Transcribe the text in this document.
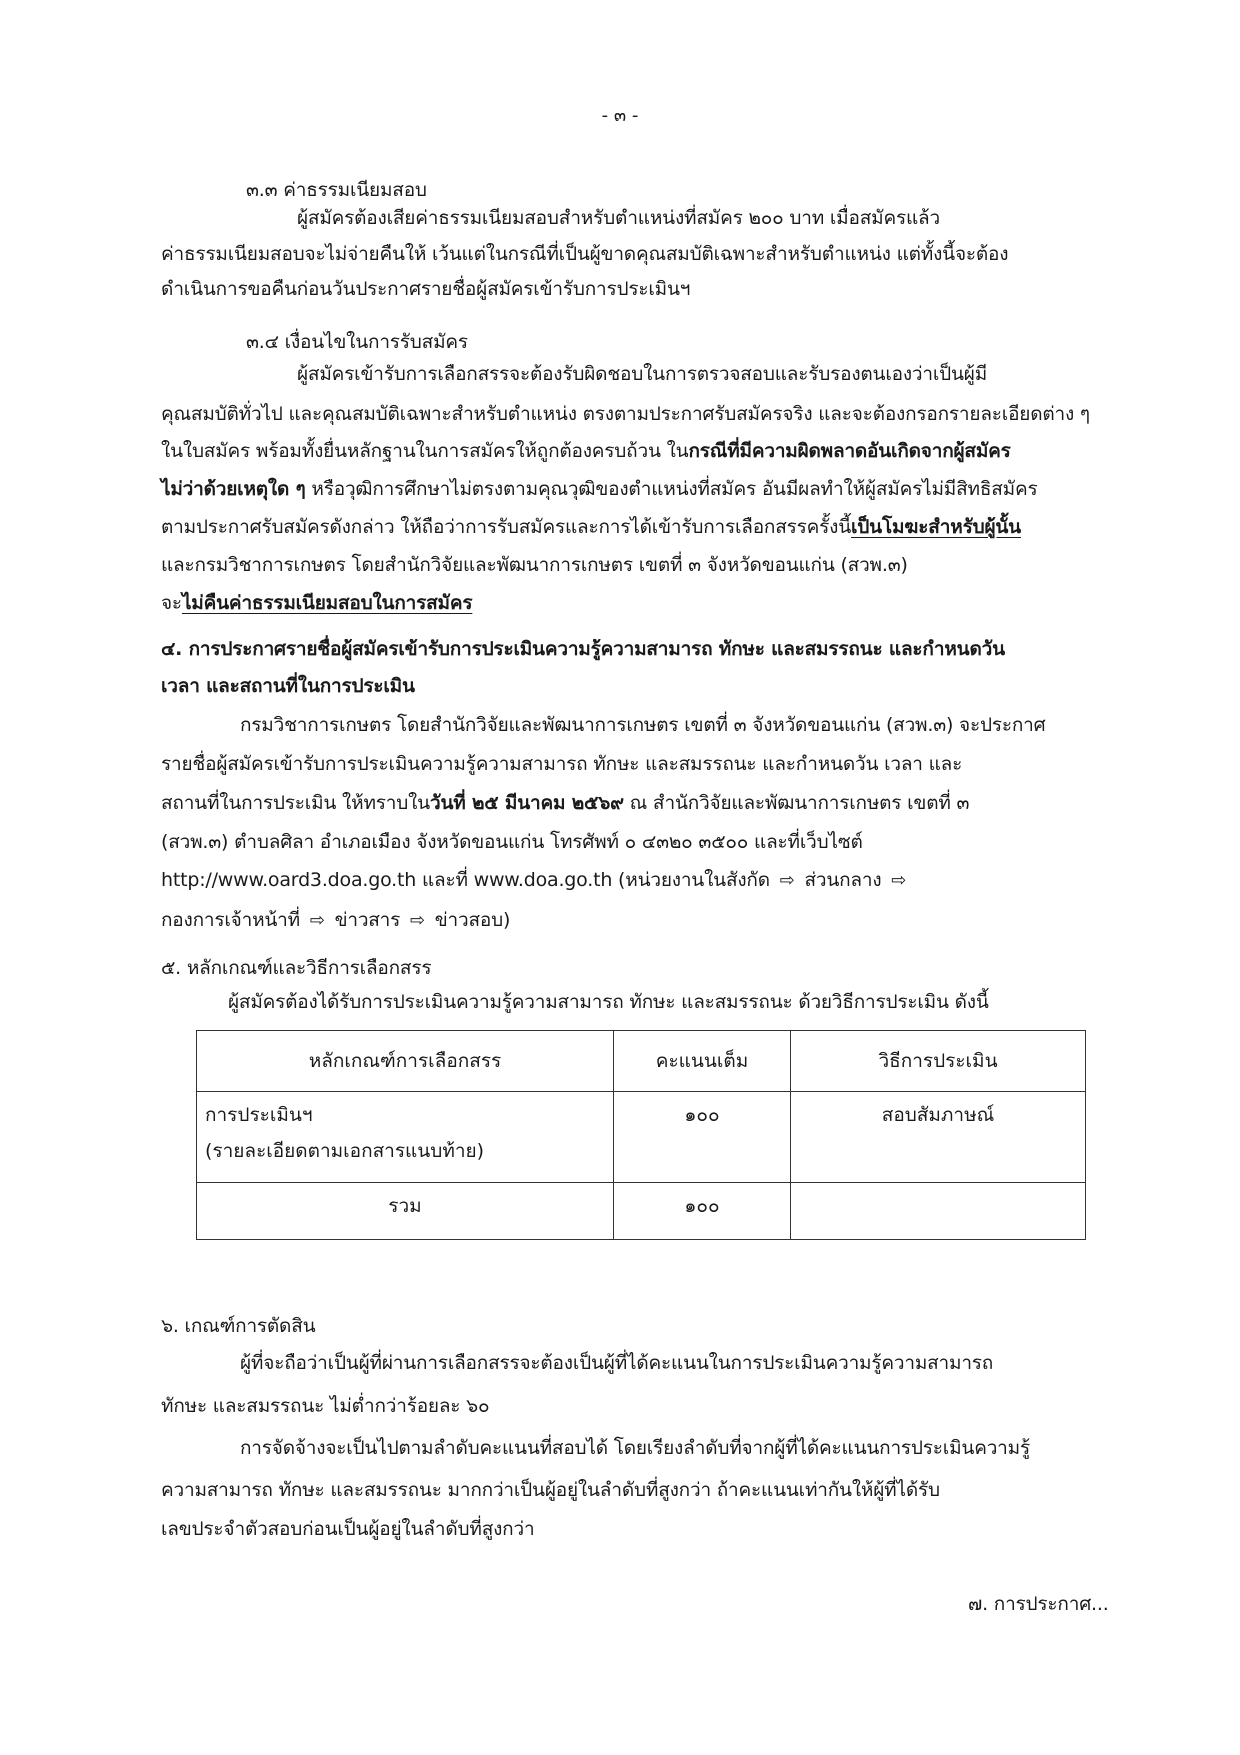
- ๓ -
๓.๓ ค่าธรรมเนียมสอบ
ผู้สมัครต้องเสียค่าธรรมเนียมสอบสำหรับตำแหน่งที่สมัคร ๒๐๐ บาท เมื่อสมัครแล้ว
ค่าธรรมเนียมสอบจะไม่จ่ายคืนให้ เว้นแต่ในกรณีที่เป็นผู้ขาดคุณสมบัติเฉพาะสำหรับตำแหน่ง แต่ทั้งนี้จะต้อง
ดำเนินการขอคืนก่อนวันประกาศรายชื่อผู้สมัครเข้ารับการประเมินฯ
๓.๔ เงื่อนไขในการรับสมัคร
ผู้สมัครเข้ารับการเลือกสรรจะต้องรับผิดชอบในการตรวจสอบและรับรองตนเองว่าเป็นผู้มี
คุณสมบัติทั่วไป และคุณสมบัติเฉพาะสำหรับตำแหน่ง ตรงตามประกาศรับสมัครจริง และจะต้องกรอกรายละเอียดต่าง ๆ
ในใบสมัคร พร้อมทั้งยื่นหลักฐานในการสมัครให้ถูกต้องครบถ้วน ในกรณีที่มีความผิดพลาดอันเกิดจากผู้สมัคร
ไม่ว่าด้วยเหตุใด ๆ หรือวุฒิการศึกษาไม่ตรงตามคุณวุฒิของตำแหน่งที่สมัคร อันมีผลทำให้ผู้สมัครไม่มีสิทธิสมัคร
ตามประกาศรับสมัครดังกล่าว ให้ถือว่าการรับสมัครและการได้เข้ารับการเลือกสรรครั้งนี้เป็นโมฆะสำหรับผู้นั้น
และกรมวิชาการเกษตร โดยสำนักวิจัยและพัฒนาการเกษตร เขตที่ ๓ จังหวัดขอนแก่น (สวพ.๓)
จะไม่คืนค่าธรรมเนียมสอบในการสมัคร
๔. การประกาศรายชื่อผู้สมัครเข้ารับการประเมินความรู้ความสามารถ ทักษะ และสมรรถนะ และกำหนดวัน
เวลา และสถานที่ในการประเมิน
กรมวิชาการเกษตร โดยสำนักวิจัยและพัฒนาการเกษตร เขตที่ ๓ จังหวัดขอนแก่น (สวพ.๓) จะประกาศ
รายชื่อผู้สมัครเข้ารับการประเมินความรู้ความสามารถ ทักษะ และสมรรถนะ และกำหนดวัน เวลา และ
สถานที่ในการประเมิน ให้ทราบในวันที่ ๒๕ มีนาคม ๒๕๖๙ ณ สำนักวิจัยและพัฒนาการเกษตร เขตที่ ๓
(สวพ.๓) ตำบลศิลา อำเภอเมือง จังหวัดขอนแก่น โทรศัพท์ ๐ ๔๓๒๐ ๓๕๐๐ และที่เว็บไซต์
http://www.oard3.doa.go.th และที่ www.doa.go.th (หน่วยงานในสังกัด ⇨ ส่วนกลาง ⇨
กองการเจ้าหน้าที่ ⇨ ข่าวสาร ⇨ ข่าวสอบ)
๕. หลักเกณฑ์และวิธีการเลือกสรร
ผู้สมัครต้องได้รับการประเมินความรู้ความสามารถ ทักษะ และสมรรถนะ ด้วยวิธีการประเมิน ดังนี้
หลักเกณฑ์การเลือกสรร	คะแนนเต็ม	วิธีการประเมิน

การประเมินฯ
(รายละเอียดตามเอกสารแนบท้าย)	๑๐๐	สอบสัมภาษณ์
รวม	๑๐๐	
๖. เกณฑ์การตัดสิน
ผู้ที่จะถือว่าเป็นผู้ที่ผ่านการเลือกสรรจะต้องเป็นผู้ที่ได้คะแนนในการประเมินความรู้ความสามารถ
ทักษะ และสมรรถนะ ไม่ต่ำกว่าร้อยละ ๖๐
การจัดจ้างจะเป็นไปตามลำดับคะแนนที่สอบได้ โดยเรียงลำดับที่จากผู้ที่ได้คะแนนการประเมินความรู้
ความสามารถ ทักษะ และสมรรถนะ มากกว่าเป็นผู้อยู่ในลำดับที่สูงกว่า ถ้าคะแนนเท่ากันให้ผู้ที่ได้รับ
เลขประจำตัวสอบก่อนเป็นผู้อยู่ในลำดับที่สูงกว่า
๗. การประกาศ...
